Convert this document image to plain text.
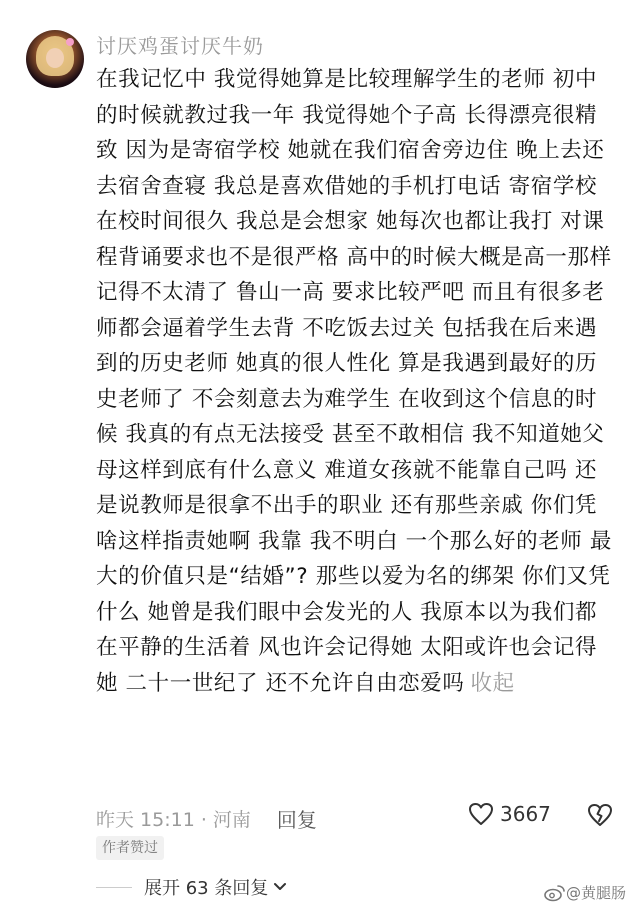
讨厌鸡蛋讨厌牛奶

在我记忆中 我觉得她算是比较理解学生的老师 初中的时候就教过我一年 我觉得她个子高 长得漂亮很精致 因为是寄宿学校 她就在我们宿舍旁边住 晚上去还去宿舍查寝 我总是喜欢借她的手机打电话 寄宿学校在校时间很久 我总是会想家 她每次也都让我打 对课程背诵要求也不是很严格 高中的时候大概是高一那样记得不太清了 鲁山一高 要求比较严吧 而且有很多老师都会逼着学生去背 不吃饭去过关 包括我在后来遇到的历史老师 她真的很人性化 算是我遇到最好的历史老师了 不会刻意去为难学生 在收到这个信息的时候 我真的有点无法接受 甚至不敢相信 我不知道她父母这样到底有什么意义 难道女孩就不能靠自己吗 还是说教师是很拿不出手的职业 还有那些亲戚 你们凭啥这样指责她啊 我靠 我不明白 一个那么好的老师 最大的价值只是“结婚”? 那些以爱为名的绑架 你们又凭什么 她曾是我们眼中会发光的人 我原本以为我们都在平静的生活着 风也许会记得她 太阳或许也会记得她 二十一世纪了 还不允许自由恋爱吗 收起

昨天 15:11 · 河南 回复	3667
作者赞过
展开 63 条回复	@黄腿肠
